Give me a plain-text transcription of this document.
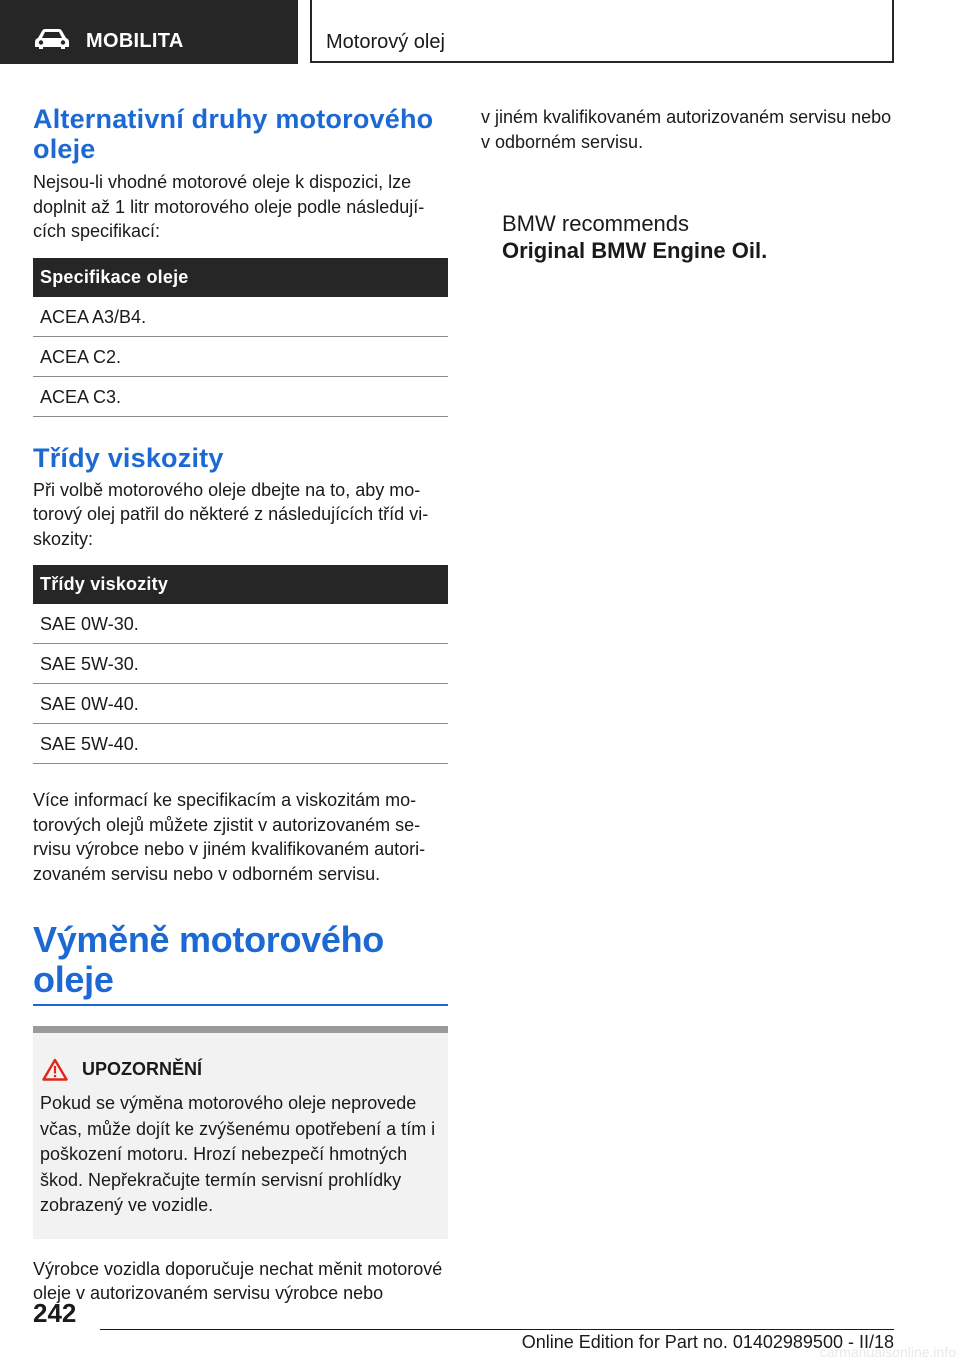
MOBILITA	Motorový olej
Alternativní druhy motorového oleje

Nejsou-li vhodné motorové oleje k dispozici, lze doplnit až 1 litr motorového oleje podle následujících specifikací:

Specifikace oleje
ACEA A3/B4.
ACEA C2.
ACEA C3.
Třídy viskozity

Při volbě motorového oleje dbejte na to, aby motorový olej patřil do některé z následujících tříd viskozity:

Třídy viskozity
SAE 0W-30.
SAE 5W-30.
SAE 0W-40.
SAE 5W-40.

Více informací ke specifikacím a viskozitám motorových olejů můžete zjistit v autorizovaném servisu výrobce nebo v jiném kvalifikovaném autorizovaném servisu nebo v odborném servisu.

Výměně motorového oleje
UPOZORNĚNÍ
Pokud se výměna motorového oleje neprovede včas, může dojít ke zvýšenému opotřebení a tím i poškození motoru. Hrozí nebezpečí hmotných škod. Nepřekračujte termín servisní prohlídky zobrazený ve vozidle.

Výrobce vozidla doporučuje nechat měnit motorové oleje v autorizovaném servisu výrobce nebo

v jiném kvalifikovaném autorizovaném servisu nebo v odborném servisu.

BMW recommends
Original BMW Engine Oil.
242
Online Edition for Part no. 01402989500 - II/18
carmanualsonline.info
